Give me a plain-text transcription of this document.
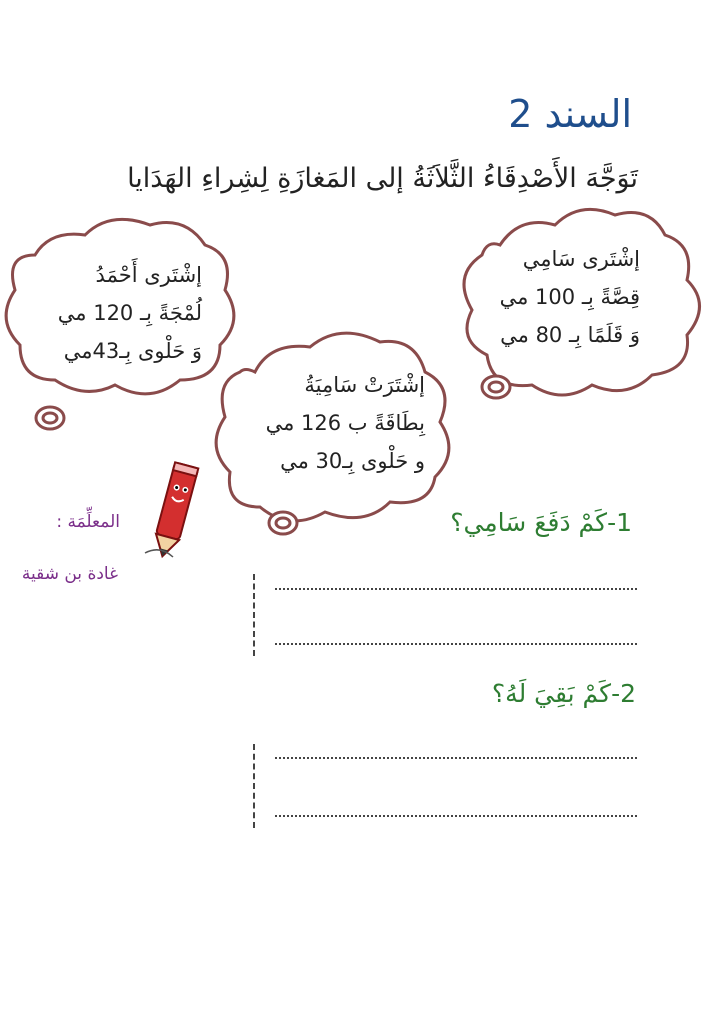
السند 2
تَوَجَّهَ الأَصْدِقَاءُ الثَّلاَثَةُ إلى المَغازَةِ لِشِراءِ الهَدَايا
إشْتَرى سَامِي
قِصَّةً بِـ 100 مي
وَ قَلَمًا بِـ 80 مي
إشْتَرى أَحْمَدُ
لُمْجَةً بِـ 120 مي
وَ حَلْوى بِـ43مي
إشْتَرَتْ سَامِيَةُ
بِطَاقَةً ب 126 مي
و حَلْوى بِـ30 مي
المعلِّمَة :
غادة بن شقية
1-كَمْ دَفَعَ سَامِي؟
2-كَمْ بَقِيَ لَهُ؟
